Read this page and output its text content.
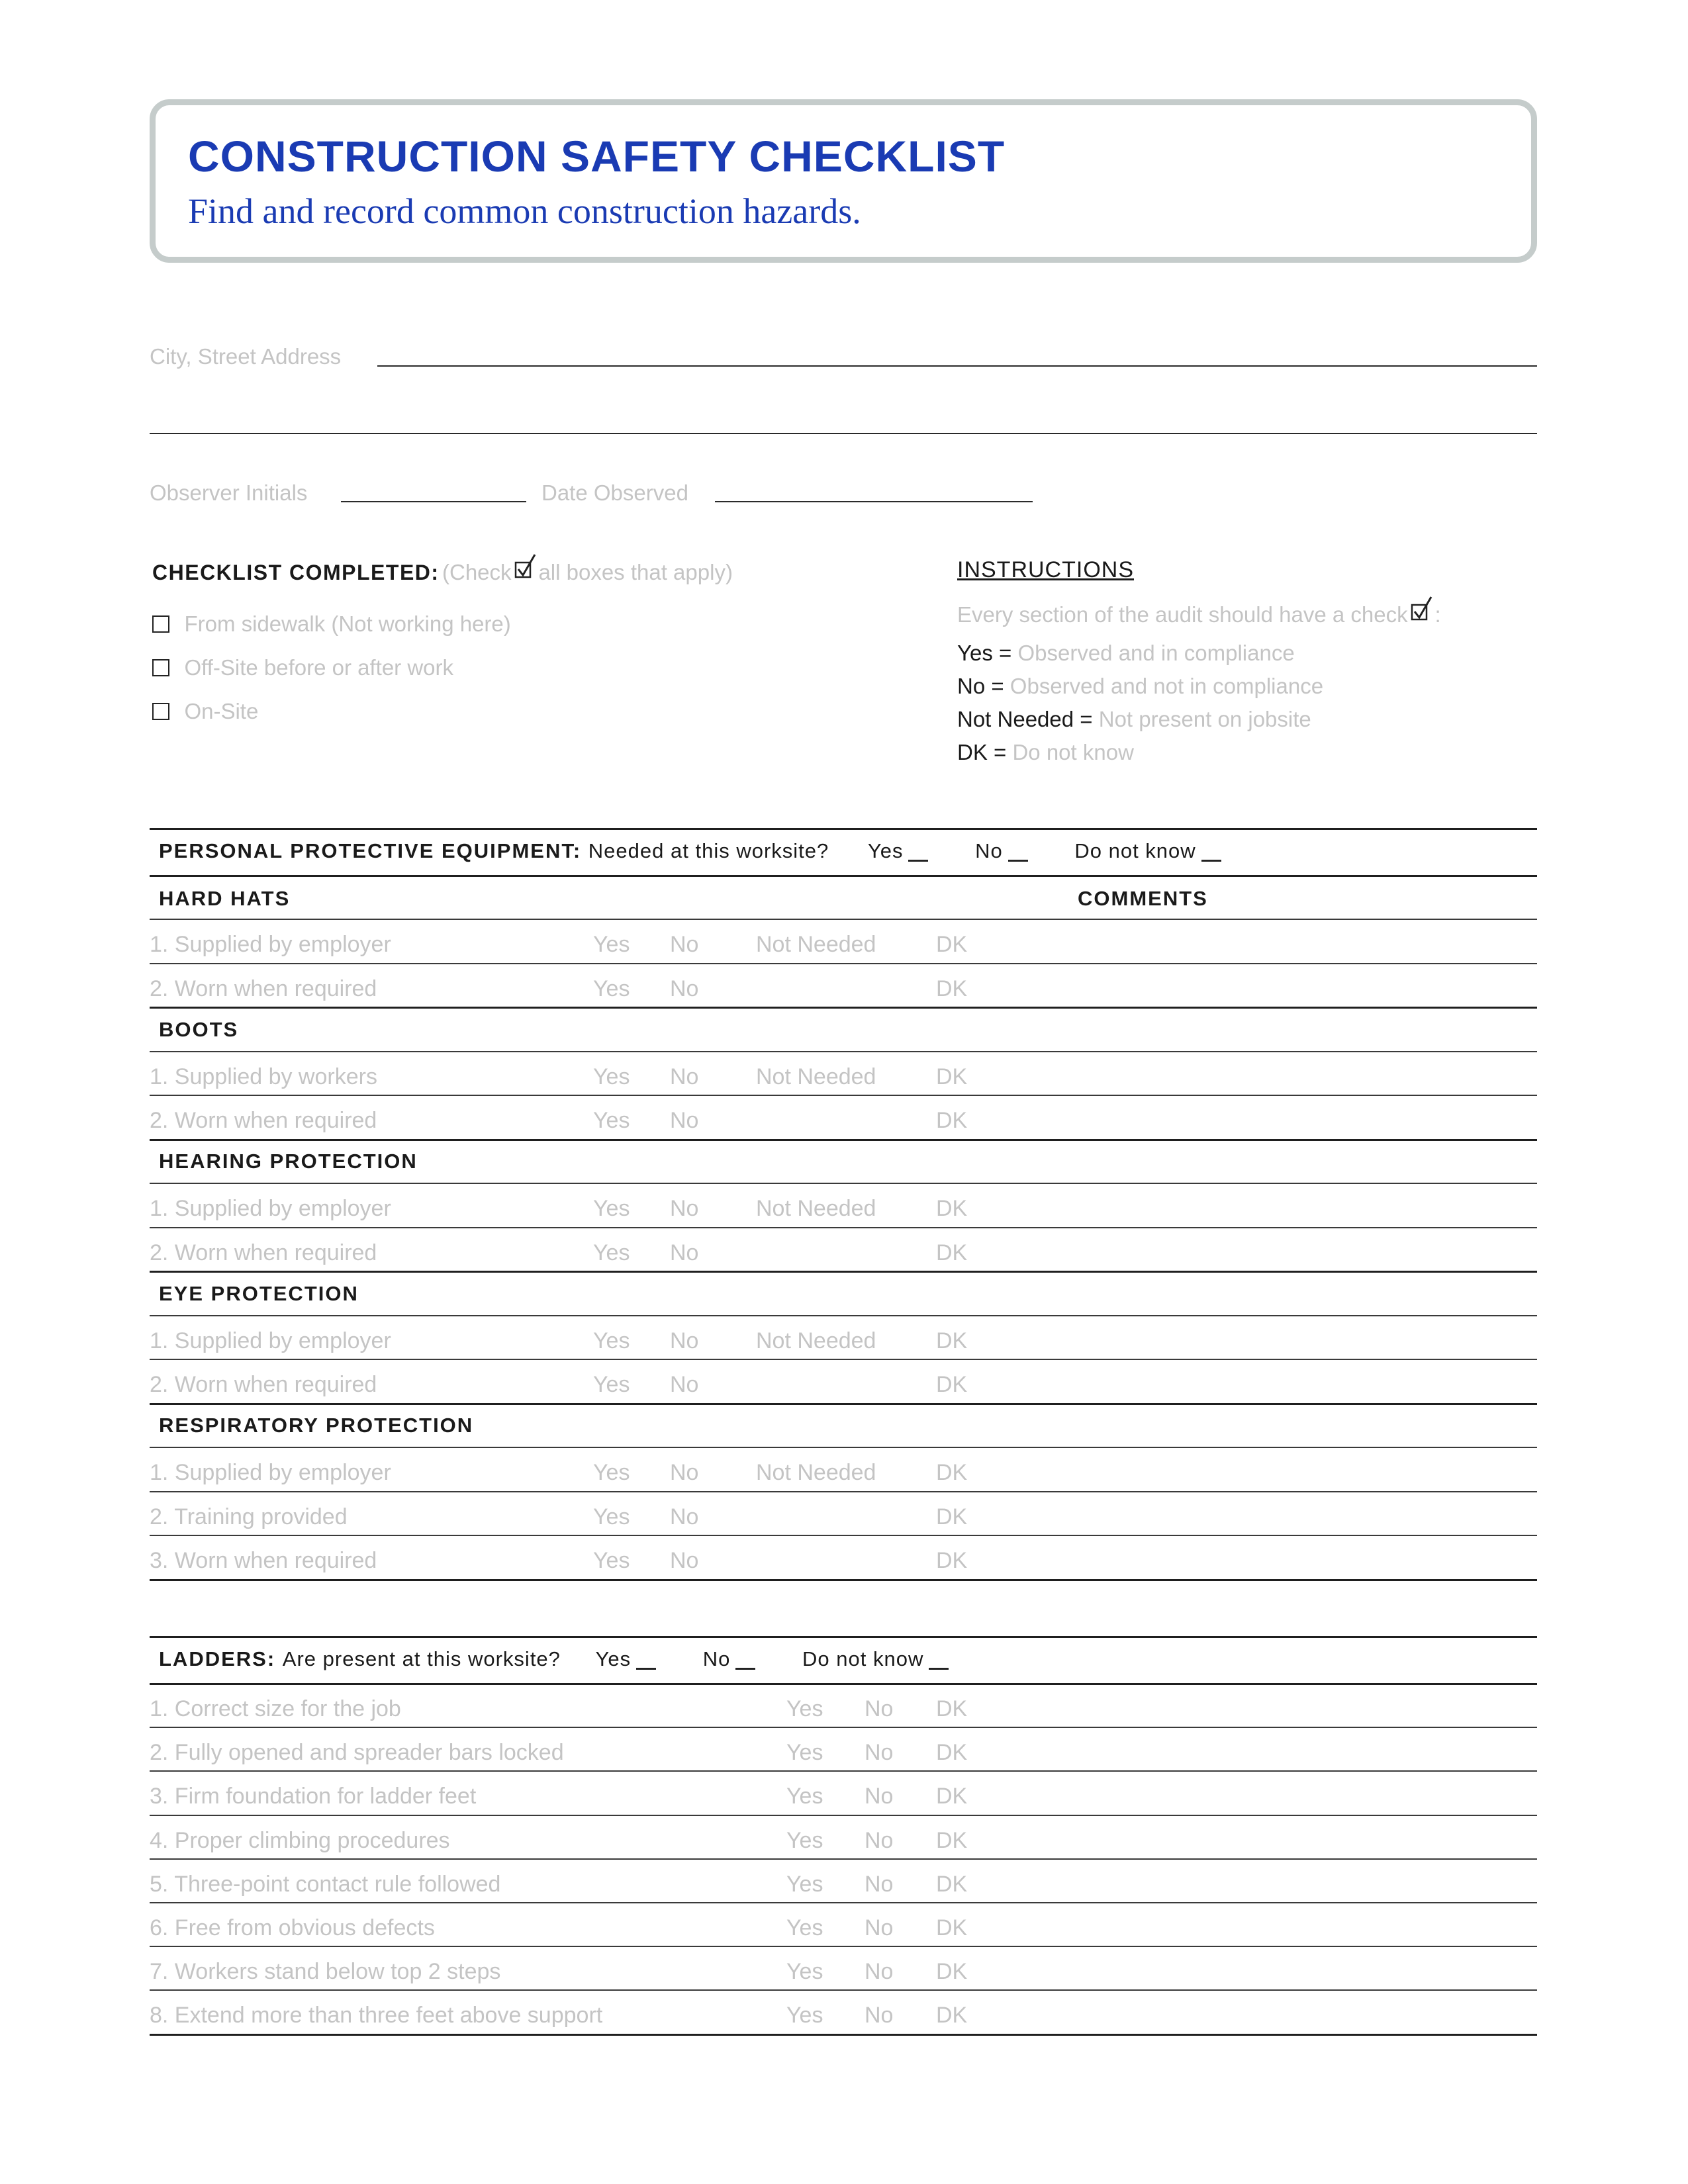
CONSTRUCTION SAFETY CHECKLIST
Find and record common construction hazards.
City, Street Address
Observer Initials	Date Observed
CHECKLIST COMPLETED: (Check all boxes that apply)
From sidewalk (Not working here)
Off-Site before or after work
On-Site
INSTRUCTIONS
Every section of the audit should have a check :
Yes = Observed and in compliance
No = Observed and not in compliance
Not Needed = Not present on jobsite
DK = Do not know
PERSONAL PROTECTIVE EQUIPMENT: Needed at this worksite? Yes	No	Do not know
COMMENTS
HARD HATS
1. Supplied by employer	Yes No	Not Needed	DK
2. Worn when required	Yes No	DK
BOOTS
1. Supplied by workers	Yes No	Not Needed	DK
2. Worn when required	Yes No	DK
HEARING PROTECTION
1. Supplied by employer	Yes No	Not Needed	DK
2. Worn when required	Yes No	DK
EYE PROTECTION
1. Supplied by employer	Yes No	Not Needed	DK
2. Worn when required	Yes No	DK
RESPIRATORY PROTECTION
1. Supplied by employer	Yes No	Not Needed	DK
2. Training provided	Yes No	DK
3. Worn when required	Yes No	DK
LADDERS: Are present at this worksite? Yes	No	Do not know
1. Correct size for the job	Yes No DK
2. Fully opened and spreader bars locked	Yes No DK
3. Firm foundation for ladder feet	Yes No DK
4. Proper climbing procedures	Yes No DK
5. Three-point contact rule followed	Yes No DK
6. Free from obvious defects	Yes No DK
7. Workers stand below top 2 steps	Yes No DK
8. Extend more than three feet above support	Yes No DK
